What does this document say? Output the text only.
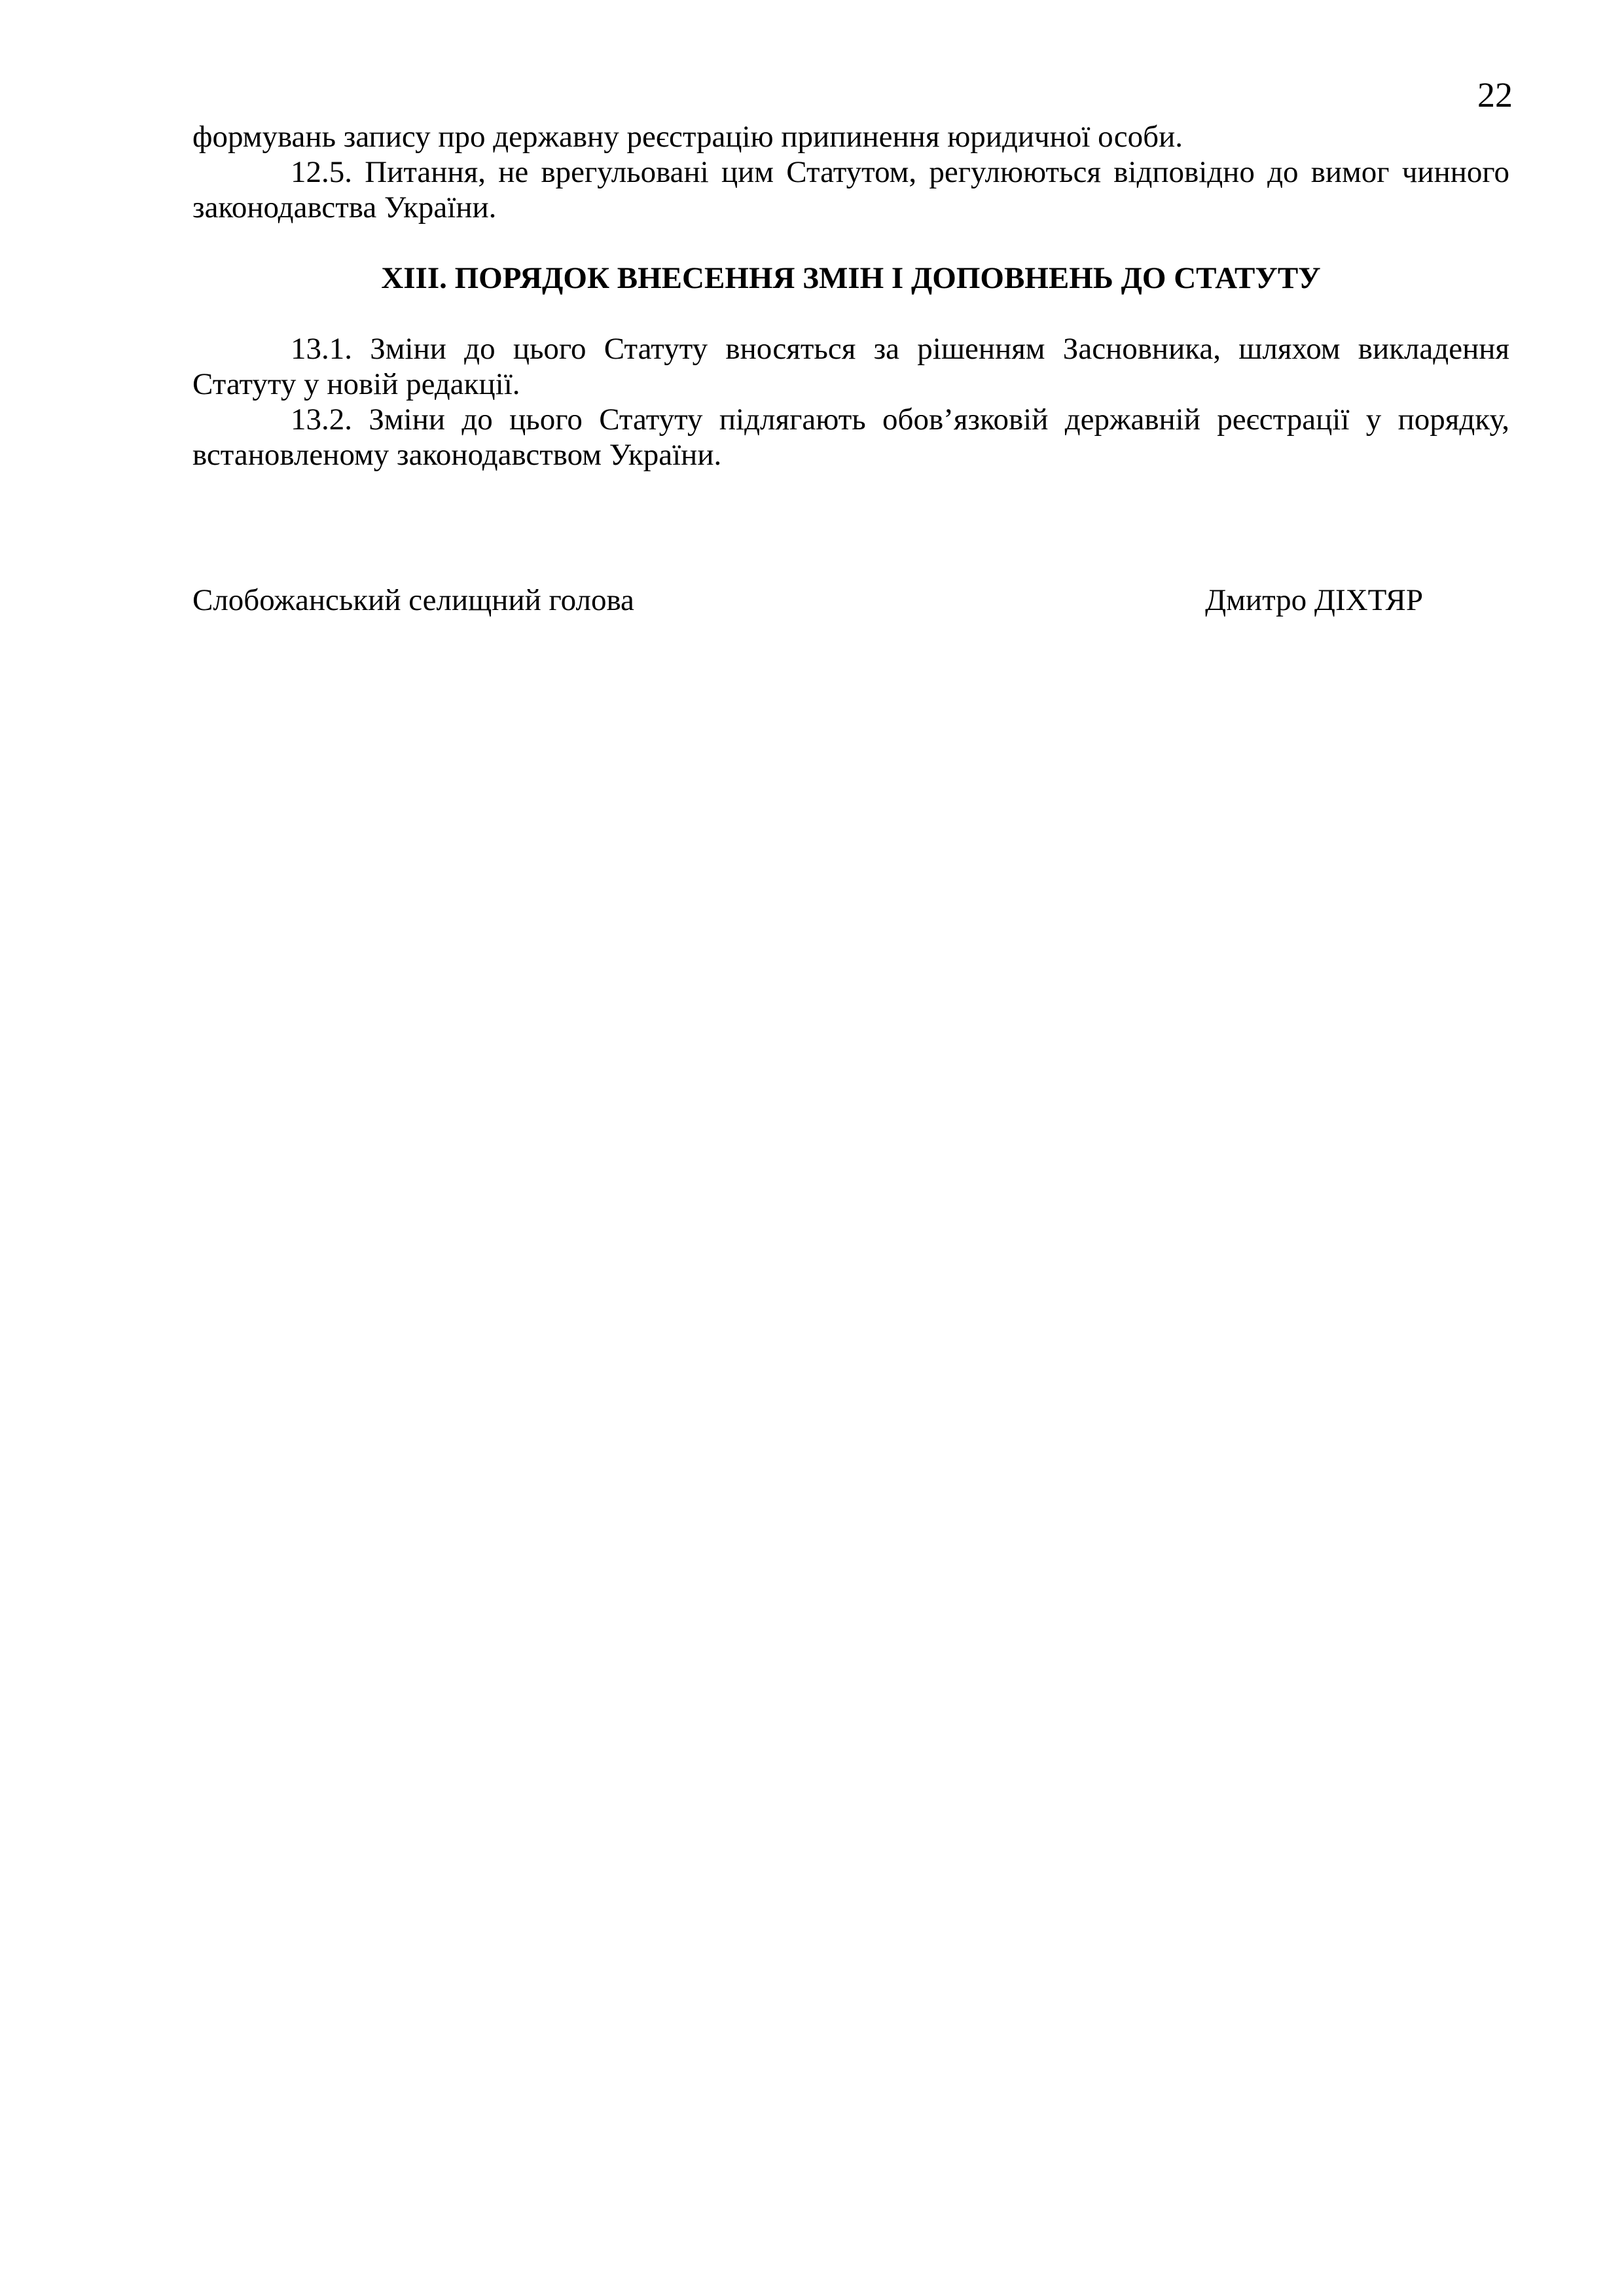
22

формувань запису про державну реєстрацію припинення юридичної особи.

12.5. Питання, не врегульовані цим Статутом, регулюються відповідно до вимог чинного законодавства України.

ХІІІ. ПОРЯДОК ВНЕСЕННЯ ЗМІН І ДОПОВНЕНЬ ДО СТАТУТУ

13.1. Зміни до цього Статуту вносяться за рішенням Засновника, шляхом викладення Статуту у новій редакції.

13.2. Зміни до цього Статуту підлягають обов’язковій державній реєстрації у порядку, встановленому законодавством України.

Слобожанський селищний голова	Дмитро ДІХТЯР
